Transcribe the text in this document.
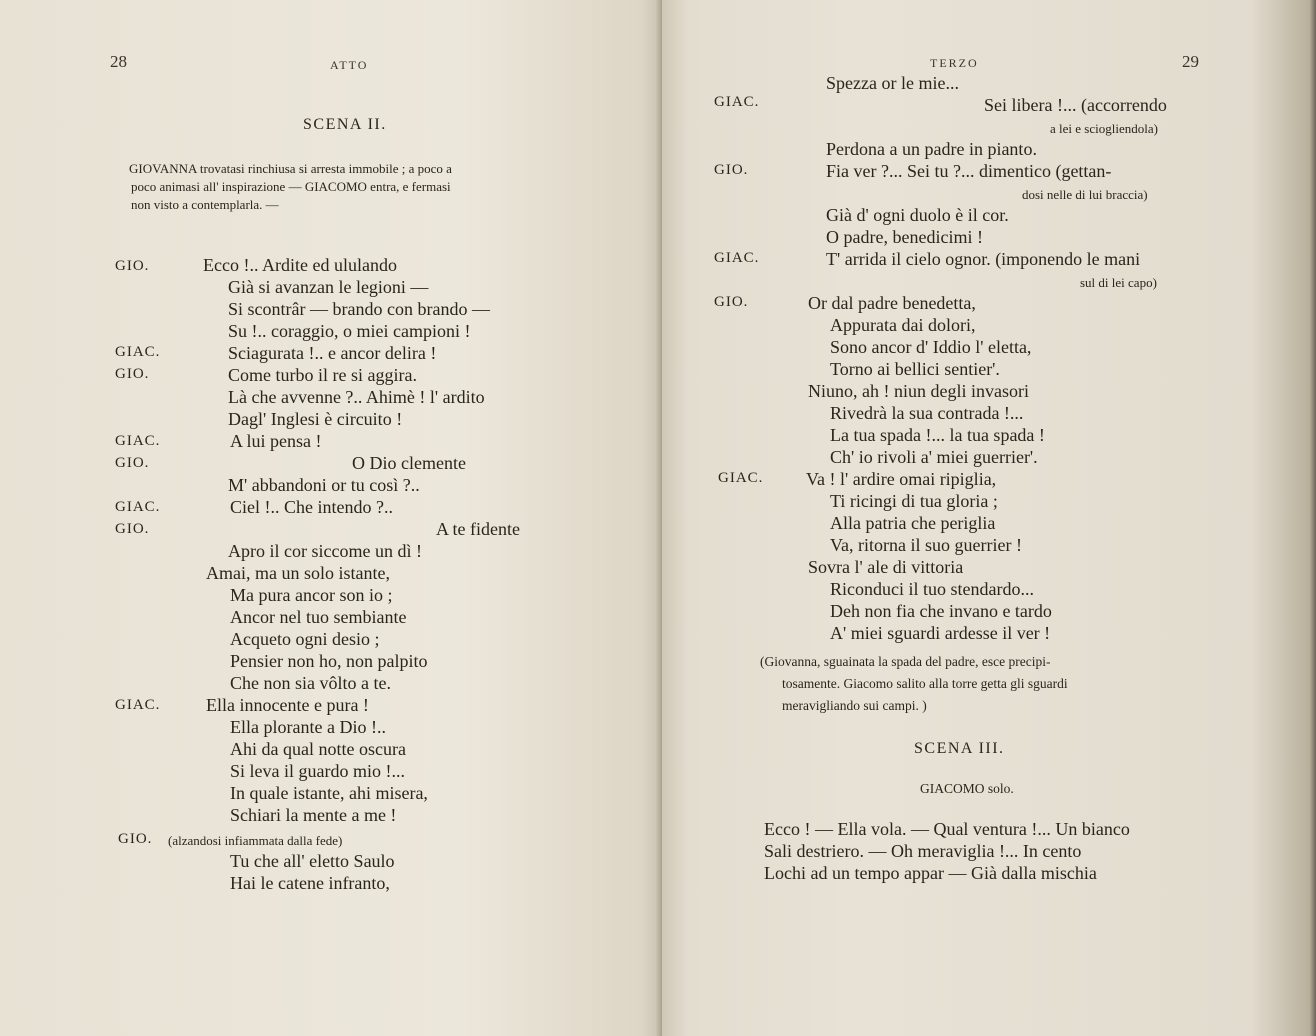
28	ATTO
SCENA II.
GIOVANNA trovatasi rinchiusa si arresta immobile ; a poco a
poco animasi all' inspirazione — GIACOMO entra, e fermasi
non visto a contemplarla. —
GIO.
GIAC.
GIO.
GIAC.
GIO.
GIAC.
GIO.
GIAC.
GIO.
Ecco !.. Ardite ed ululando
Già si avanzan le legioni —
Si scontrâr — brando con brando —
Su !.. coraggio, o miei campioni !
Sciagurata !.. e ancor delira !
Come turbo il re si aggira.
Là che avvenne ?.. Ahimè ! l' ardito
Dagl' Inglesi è circuito !
A lui pensa !
O Dio clemente
M' abbandoni or tu così ?..
Ciel !.. Che intendo ?..
A te fidente
Apro il cor siccome un dì !
Amai, ma un solo istante,
Ma pura ancor son io ;
Ancor nel tuo sembiante
Acqueto ogni desio ;
Pensier non ho, non palpito
Che non sia vôlto a te.
Ella innocente e pura !
Ella plorante a Dio !..
Ahi da qual notte oscura
Si leva il guardo mio !...
In quale istante, ahi misera,
Schiari la mente a me !
(alzandosi infiammata dalla fede)
Tu che all' eletto Saulo
Hai le catene infranto,
TERZO	29
GIAC.
GIO.
GIAC.
GIO.
GIAC.
Spezza or le mie...
Sei libera !... (accorrendo
a lei e sciogliendola)
Perdona a un padre in pianto.
Fia ver ?... Sei tu ?... dimentico (gettan-
dosi nelle di lui braccia)
Già d' ogni duolo è il cor.
O padre, benedicimi !
T' arrida il cielo ognor. (imponendo le mani
sul di lei capo)
Or dal padre benedetta,
Appurata dai dolori,
Sono ancor d' Iddio l' eletta,
Torno ai bellici sentier'.
Niuno, ah ! niun degli invasori
Rivedrà la sua contrada !...
La tua spada !... la tua spada !
Ch' io rivoli a' miei guerrier'.
Va ! l' ardire omai ripiglia,
Ti ricingi di tua gloria ;
Alla patria che periglia
Va, ritorna il suo guerrier !
Sovra l' ale di vittoria
Riconduci il tuo stendardo...
Deh non fia che invano e tardo
A' miei sguardi ardesse il ver !
(Giovanna, sguainata la spada del padre, esce precipi-
tosamente. Giacomo salito alla torre getta gli sguardi
meravigliando sui campi. )
SCENA III.
GIACOMO solo.
Ecco ! — Ella vola. — Qual ventura !... Un bianco
Sali destriero. — Oh meraviglia !... In cento
Lochi ad un tempo appar — Già dalla mischia
